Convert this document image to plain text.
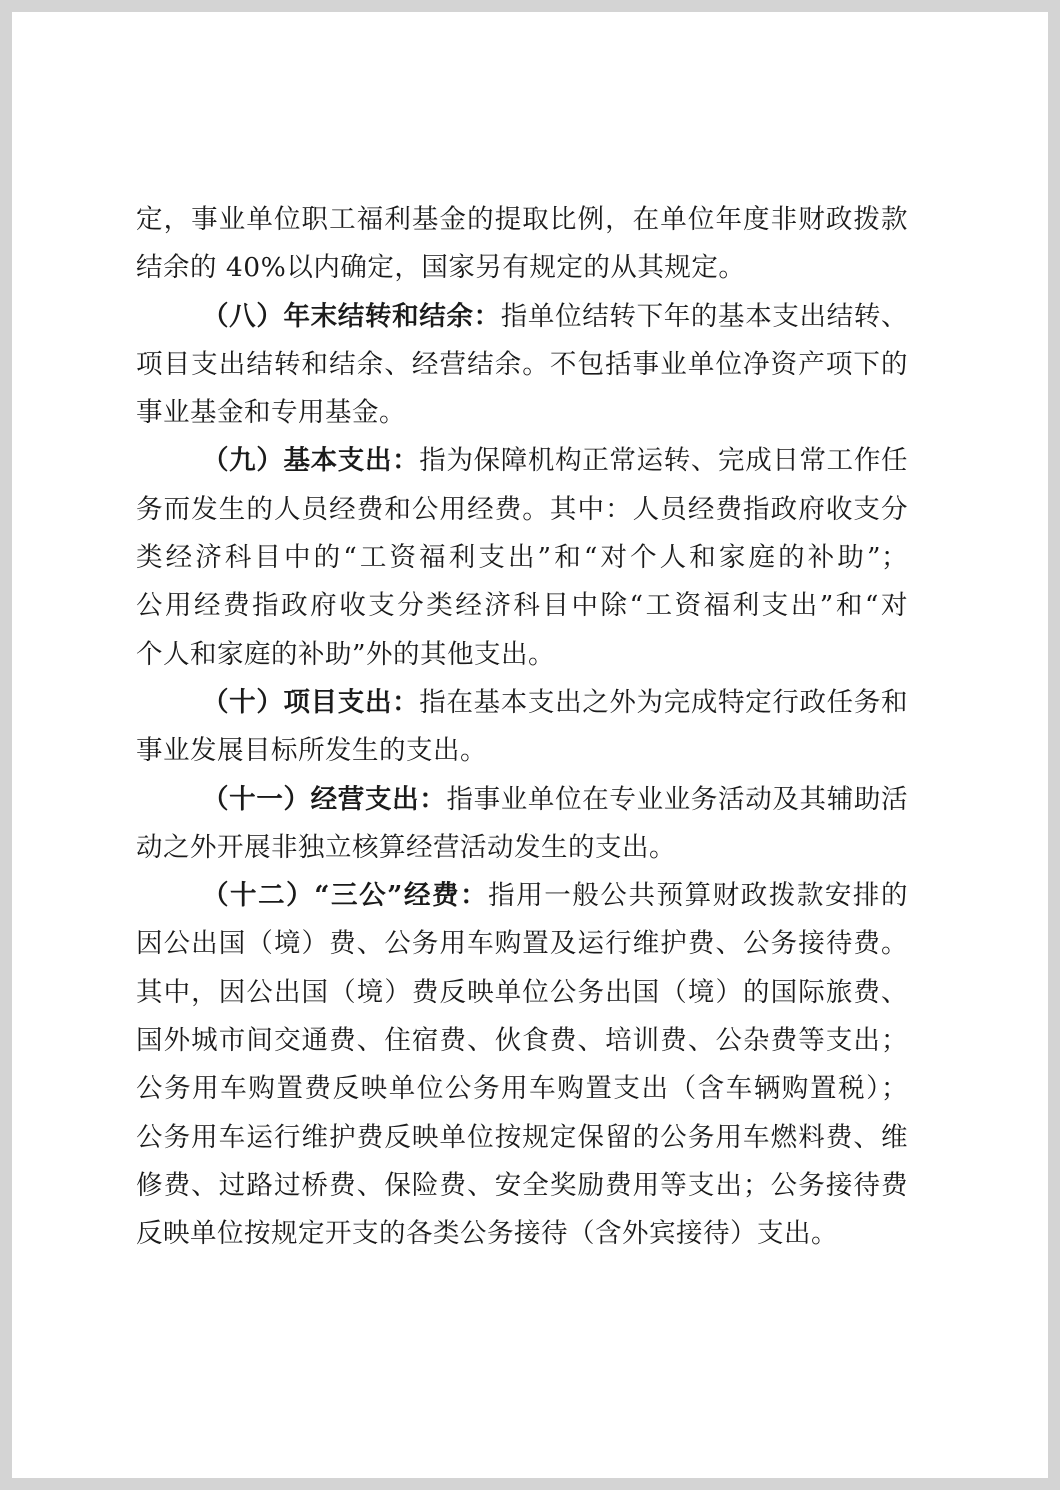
定，事业单位职工福利基金的提取比例，在单位年度非财政拨款
结余的 40%以内确定，国家另有规定的从其规定。
（八）年末结转和结余：指单位结转下年的基本支出结转、
项目支出结转和结余、经营结余。不包括事业单位净资产项下的
事业基金和专用基金。
（九）基本支出：指为保障机构正常运转、完成日常工作任
务而发生的人员经费和公用经费。其中：人员经费指政府收支分
类经济科目中的“工资福利支出”和“对个人和家庭的补助”；
公用经费指政府收支分类经济科目中除“工资福利支出”和“对
个人和家庭的补助”外的其他支出。
（十）项目支出：指在基本支出之外为完成特定行政任务和
事业发展目标所发生的支出。
（十一）经营支出：指事业单位在专业业务活动及其辅助活
动之外开展非独立核算经营活动发生的支出。
（十二）“三公”经费：指用一般公共预算财政拨款安排的
因公出国（境）费、公务用车购置及运行维护费、公务接待费。
其中，因公出国（境）费反映单位公务出国（境）的国际旅费、
国外城市间交通费、住宿费、伙食费、培训费、公杂费等支出；
公务用车购置费反映单位公务用车购置支出（含车辆购置税）；
公务用车运行维护费反映单位按规定保留的公务用车燃料费、维
修费、过路过桥费、保险费、安全奖励费用等支出；公务接待费
反映单位按规定开支的各类公务接待（含外宾接待）支出。
